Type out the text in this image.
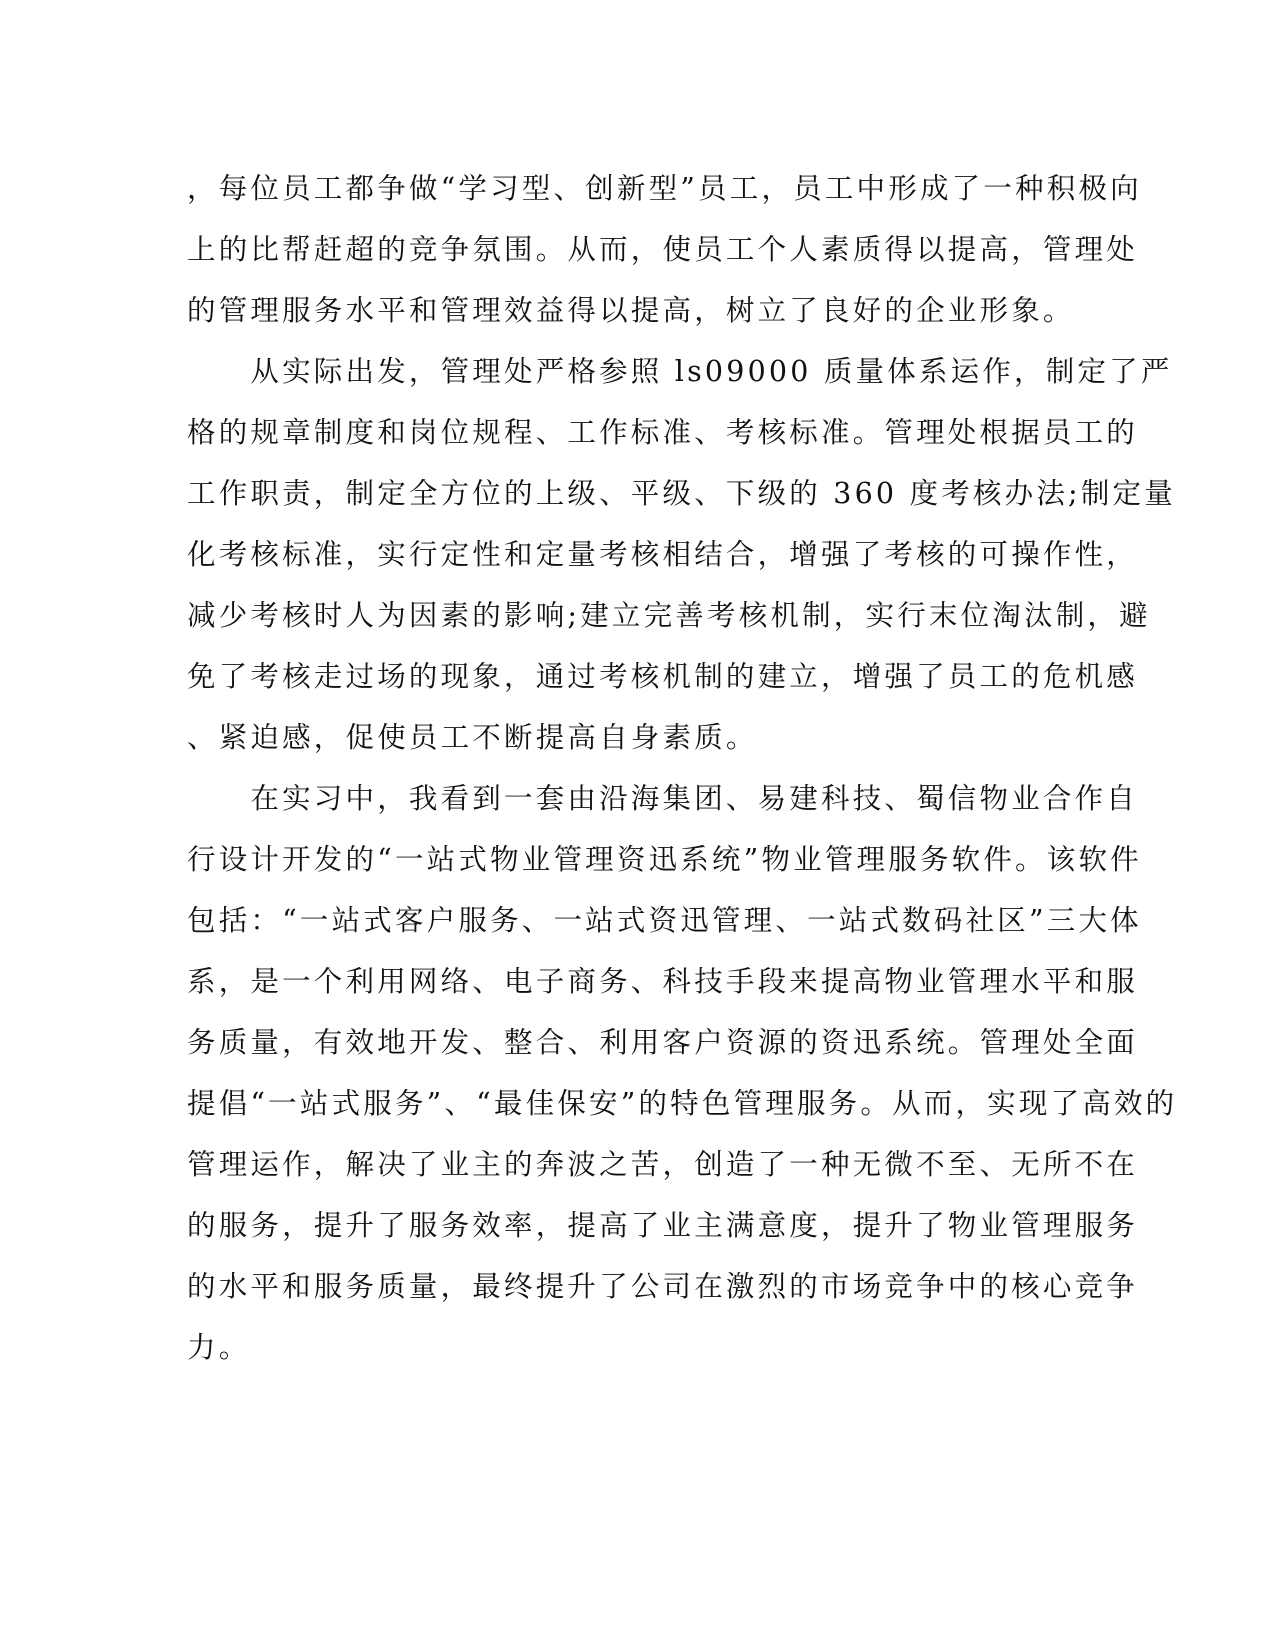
，每位员工都争做“学习型、创新型”员工，员工中形成了一种积极向
上的比帮赶超的竞争氛围。从而，使员工个人素质得以提高，管理处
的管理服务水平和管理效益得以提高，树立了良好的企业形象。
　　从实际出发，管理处严格参照 ls09000 质量体系运作，制定了严
格的规章制度和岗位规程、工作标准、考核标准。管理处根据员工的
工作职责，制定全方位的上级、平级、下级的 360 度考核办法;制定量
化考核标准，实行定性和定量考核相结合，增强了考核的可操作性，
减少考核时人为因素的影响;建立完善考核机制，实行末位淘汰制，避
免了考核走过场的现象，通过考核机制的建立，增强了员工的危机感
、紧迫感，促使员工不断提高自身素质。
　　在实习中，我看到一套由沿海集团、易建科技、蜀信物业合作自
行设计开发的“一站式物业管理资迅系统”物业管理服务软件。该软件
包括：“一站式客户服务、一站式资迅管理、一站式数码社区”三大体
系，是一个利用网络、电子商务、科技手段来提高物业管理水平和服
务质量，有效地开发、整合、利用客户资源的资迅系统。管理处全面
提倡“一站式服务”、“最佳保安”的特色管理服务。从而，实现了高效的
管理运作，解决了业主的奔波之苦，创造了一种无微不至、无所不在
的服务，提升了服务效率，提高了业主满意度，提升了物业管理服务
的水平和服务质量，最终提升了公司在激烈的市场竞争中的核心竞争
力。
